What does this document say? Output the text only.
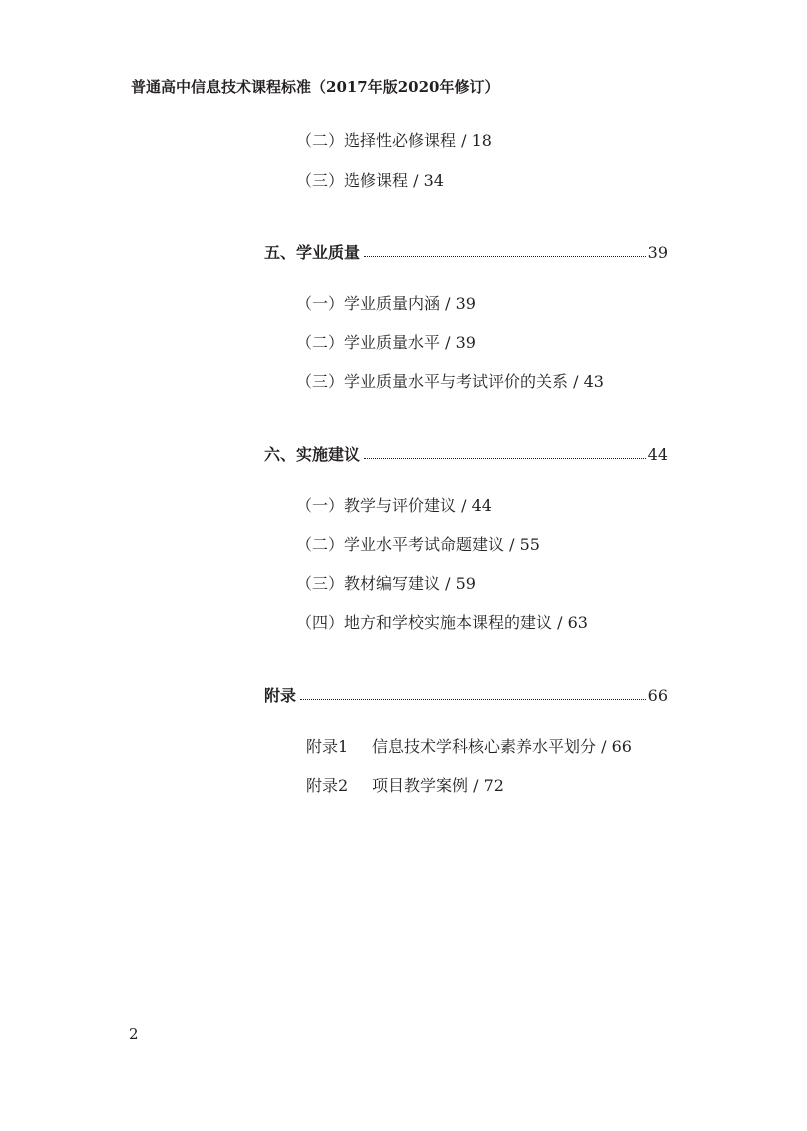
普通高中信息技术课程标准（2017年版2020年修订）
（二）选择性必修课程 / 18
（三）选修课程 / 34
五、学业质量	39
（一）学业质量内涵 / 39
（二）学业质量水平 / 39
（三）学业质量水平与考试评价的关系 / 43
六、实施建议	44
（一）教学与评价建议 / 44
（二）学业水平考试命题建议 / 55
（三）教材编写建议 / 59
（四）地方和学校实施本课程的建议 / 63
附录	66
附录1 信息技术学科核心素养水平划分 / 66
附录2 项目教学案例 / 72
2
